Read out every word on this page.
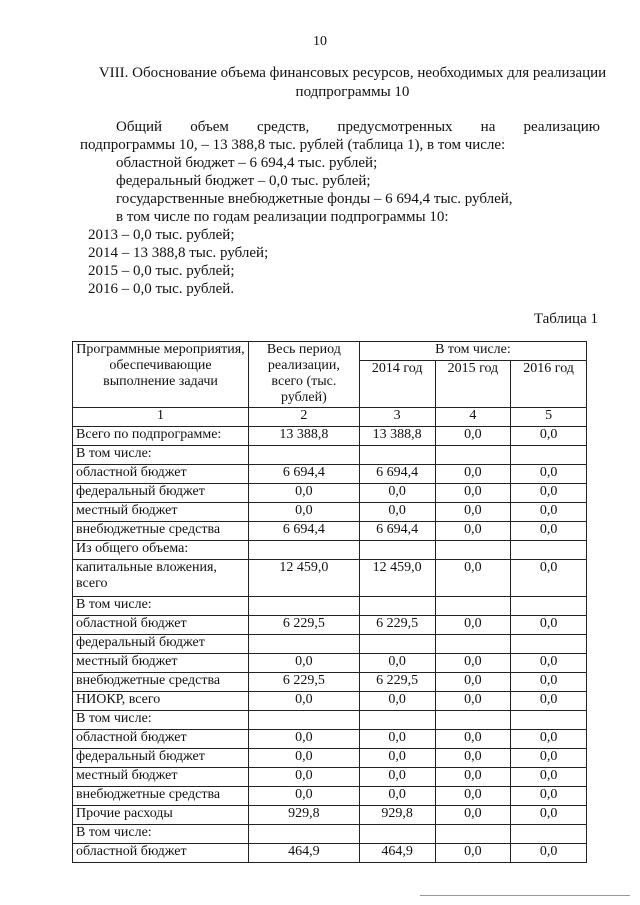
10
VIII. Обоснование объема финансовых ресурсов, необходимых для реализации
подпрограммы 10
Общий объем средств, предусмотренных на реализацию
подпрограммы 10, – 13 388,8 тыс. рублей (таблица 1), в том числе:
областной бюджет – 6 694,4 тыс. рублей;
федеральный бюджет – 0,0 тыс. рублей;
государственные внебюджетные фонды – 6 694,4 тыс. рублей,
в том числе по годам реализации подпрограммы 10:
2013 – 0,0 тыс. рублей;
2014 – 13 388,8 тыс. рублей;
2015 – 0,0 тыс. рублей;
2016 – 0,0 тыс. рублей.
Таблица 1
Программные мероприятия, обеспечивающие выполнение задачи	Весь период реализации, всего (тыс. рублей)	В том числе:		
		2014 год	2015 год	2016 год
1	2	3	4	5
Всего по подпрограмме:	13 388,8	13 388,8	0,0	0,0
В том числе:				
областной бюджет	6 694,4	6 694,4	0,0	0,0
федеральный бюджет	0,0	0,0	0,0	0,0
местный бюджет	0,0	0,0	0,0	0,0
внебюджетные средства	6 694,4	6 694,4	0,0	0,0
Из общего объема:				
капитальные вложения, всего	12 459,0	12 459,0	0,0	0,0
В том числе:				
областной бюджет	6 229,5	6 229,5	0,0	0,0
федеральный бюджет				
местный бюджет	0,0	0,0	0,0	0,0
внебюджетные средства	6 229,5	6 229,5	0,0	0,0
НИОКР, всего	0,0	0,0	0,0	0,0
В том числе:				
областной бюджет	0,0	0,0	0,0	0,0
федеральный бюджет	0,0	0,0	0,0	0,0
местный бюджет	0,0	0,0	0,0	0,0
внебюджетные средства	0,0	0,0	0,0	0,0
Прочие расходы	929,8	929,8	0,0	0,0
В том числе:				
областной бюджет	464,9	464,9	0,0	0,0
